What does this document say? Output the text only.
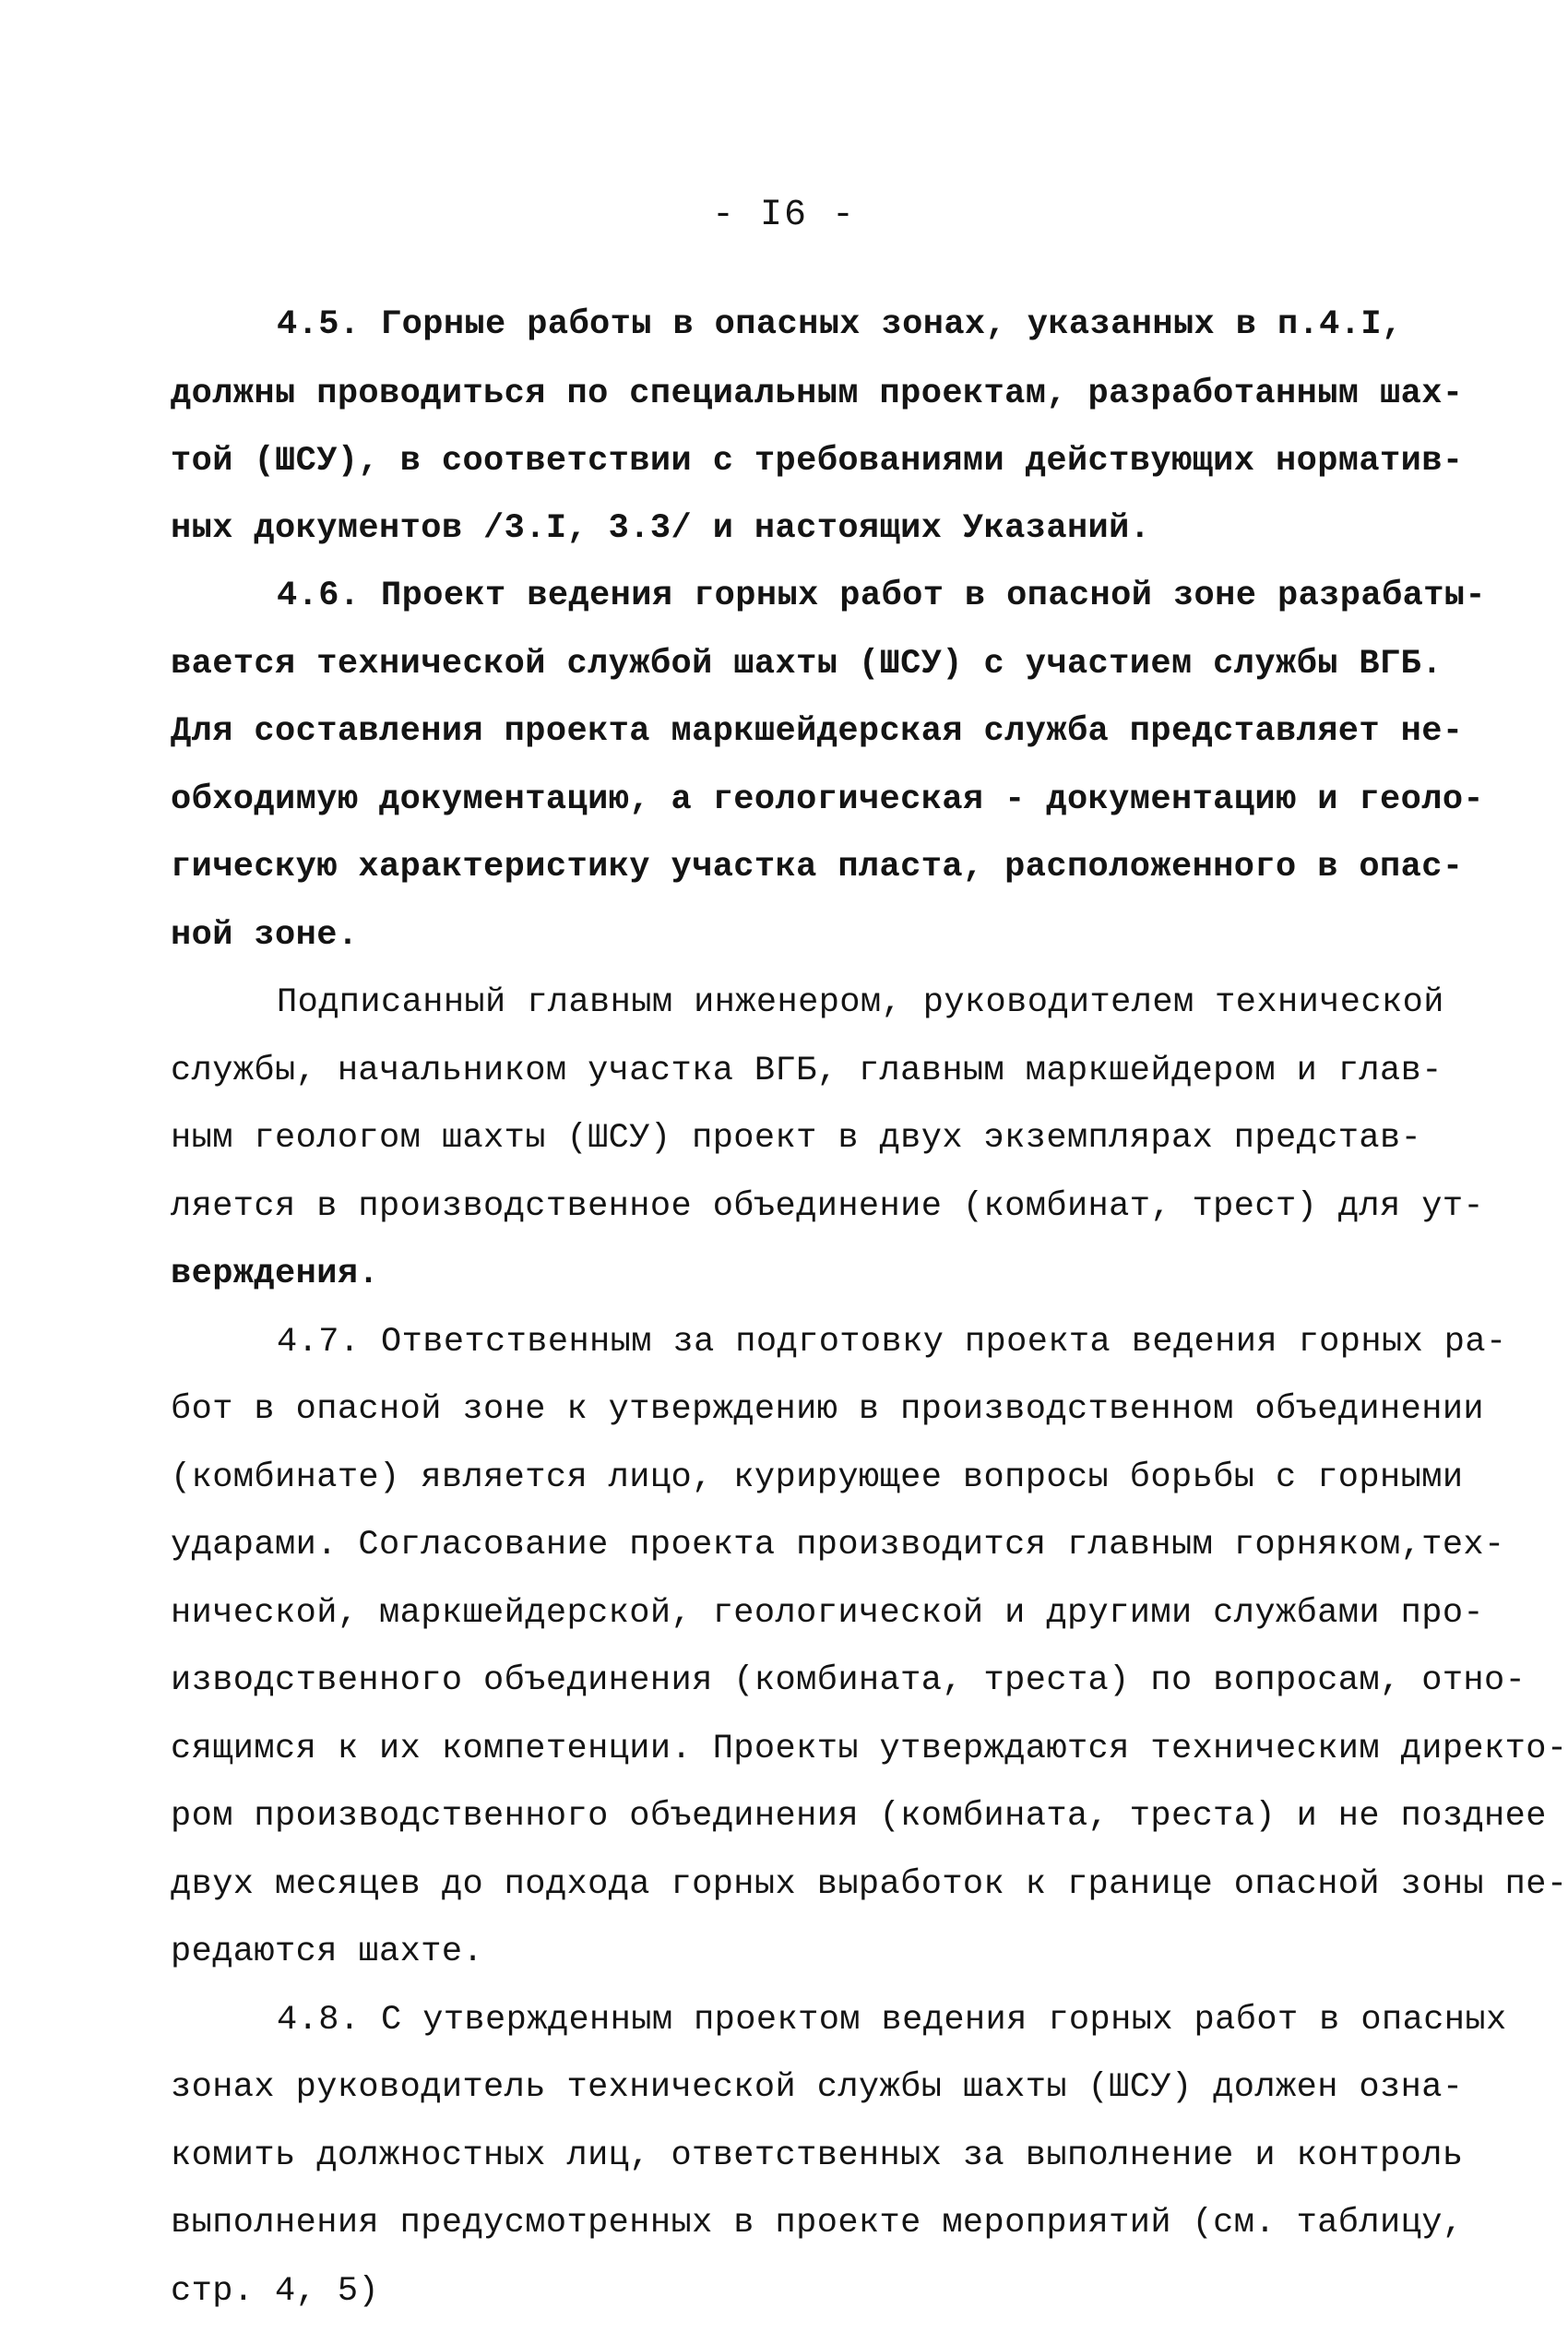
- I6 -
4.5. Горные работы в опасных зонах, указанных в п.4.I,
должны проводиться по специальным проектам, разработанным шах-
той (ШСУ), в соответствии с требованиями действующих норматив-
ных документов /3.I, 3.3/ и настоящих Указаний.
4.6. Проект ведения горных работ в опасной зоне разрабаты-
вается технической службой шахты (ШСУ) с участием службы ВГБ.
Для составления проекта маркшейдерская служба представляет не-
обходимую документацию, а геологическая - документацию и геоло-
гическую характеристику участка пласта, расположенного в опас-
ной зоне.
Подписанный главным инженером, руководителем технической
службы, начальником участка ВГБ, главным маркшейдером и глав-
ным геологом шахты (ШСУ) проект в двух экземплярах представ-
ляется в производственное объединение (комбинат, трест) для ут-
верждения.
4.7. Ответственным за подготовку проекта ведения горных ра-
бот в опасной зоне к утверждению в производственном объединении
(комбинате) является лицо, курирующее вопросы борьбы с горными
ударами. Согласование проекта производится главным горняком,тех-
нической, маркшейдерской, геологической и другими службами про-
изводственного объединения (комбината, треста) по вопросам, отно-
сящимся к их компетенции. Проекты утверждаются техническим директо-
ром производственного объединения (комбината, треста) и не позднее
двух месяцев до подхода горных выработок к границе опасной зоны пе-
редаются шахте.
4.8. С утвержденным проектом ведения горных работ в опасных
зонах руководитель технической службы шахты (ШСУ) должен озна-
комить должностных лиц, ответственных за выполнение и контроль
выполнения предусмотренных в проекте мероприятий (см. таблицу,
стр. 4, 5)
